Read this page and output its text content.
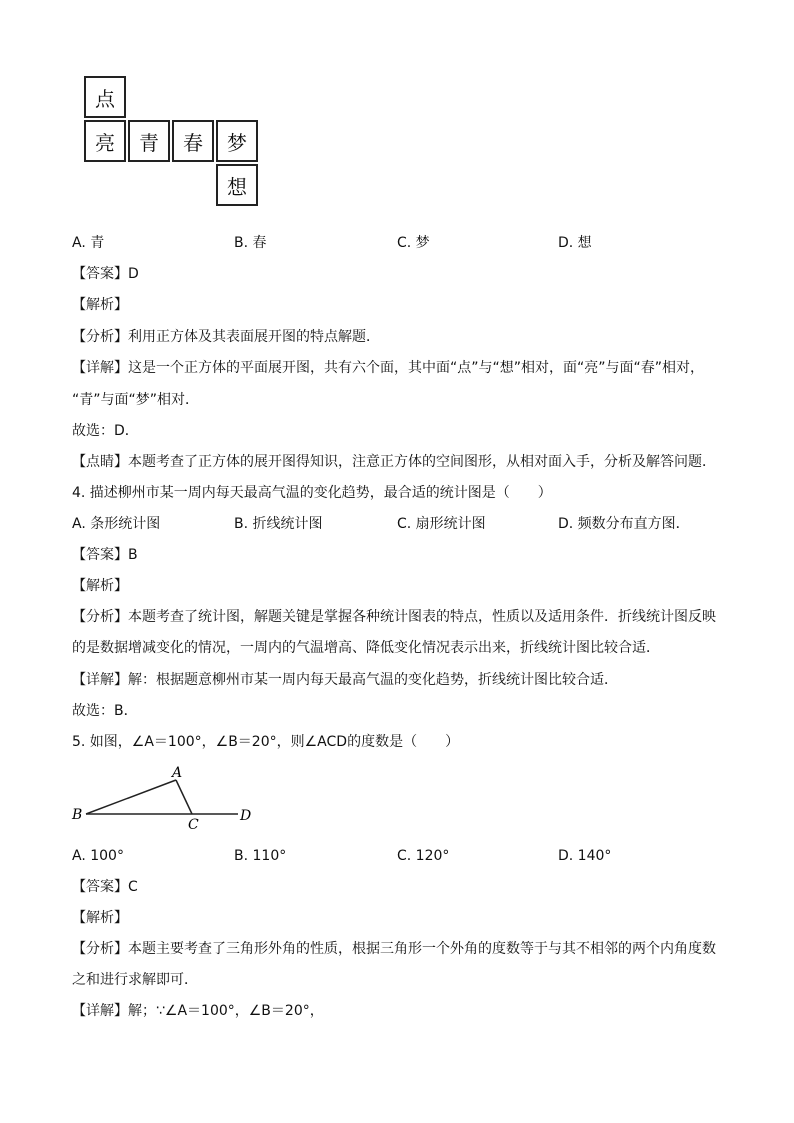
点
亮	青	春	梦
想
A. 青	B. 春	C. 梦	D. 想
【答案】D
【解析】
【分析】利用正方体及其表面展开图的特点解题．
【详解】这是一个正方体的平面展开图，共有六个面，其中面“点”与“想”相对，面“亮”与面“春”相对，
“青”与面“梦”相对．
故选：D．
【点睛】本题考查了正方体的展开图得知识，注意正方体的空间图形，从相对面入手，分析及解答问题．
4. 描述柳州市某一周内每天最高气温的变化趋势，最合适的统计图是（　　）
A. 条形统计图	B. 折线统计图	C. 扇形统计图	D. 频数分布直方图．
【答案】B
【解析】
【分析】本题考查了统计图，解题关键是掌握各种统计图表的特点，性质以及适用条件．折线统计图反映
的是数据增减变化的情况，一周内的气温增高、降低变化情况表示出来，折线统计图比较合适．
【详解】解：根据题意柳州市某一周内每天最高气温的变化趋势，折线统计图比较合适．
故选：B．
5. 如图，∠A＝100°，∠B＝20°，则∠ACD的度数是（　　）
A
B
C
D
A. 100°	B. 110°	C. 120°	D. 140°
【答案】C
【解析】
【分析】本题主要考查了三角形外角的性质，根据三角形一个外角的度数等于与其不相邻的两个内角度数
之和进行求解即可．
【详解】解；∵∠A＝100°，∠B＝20°，
